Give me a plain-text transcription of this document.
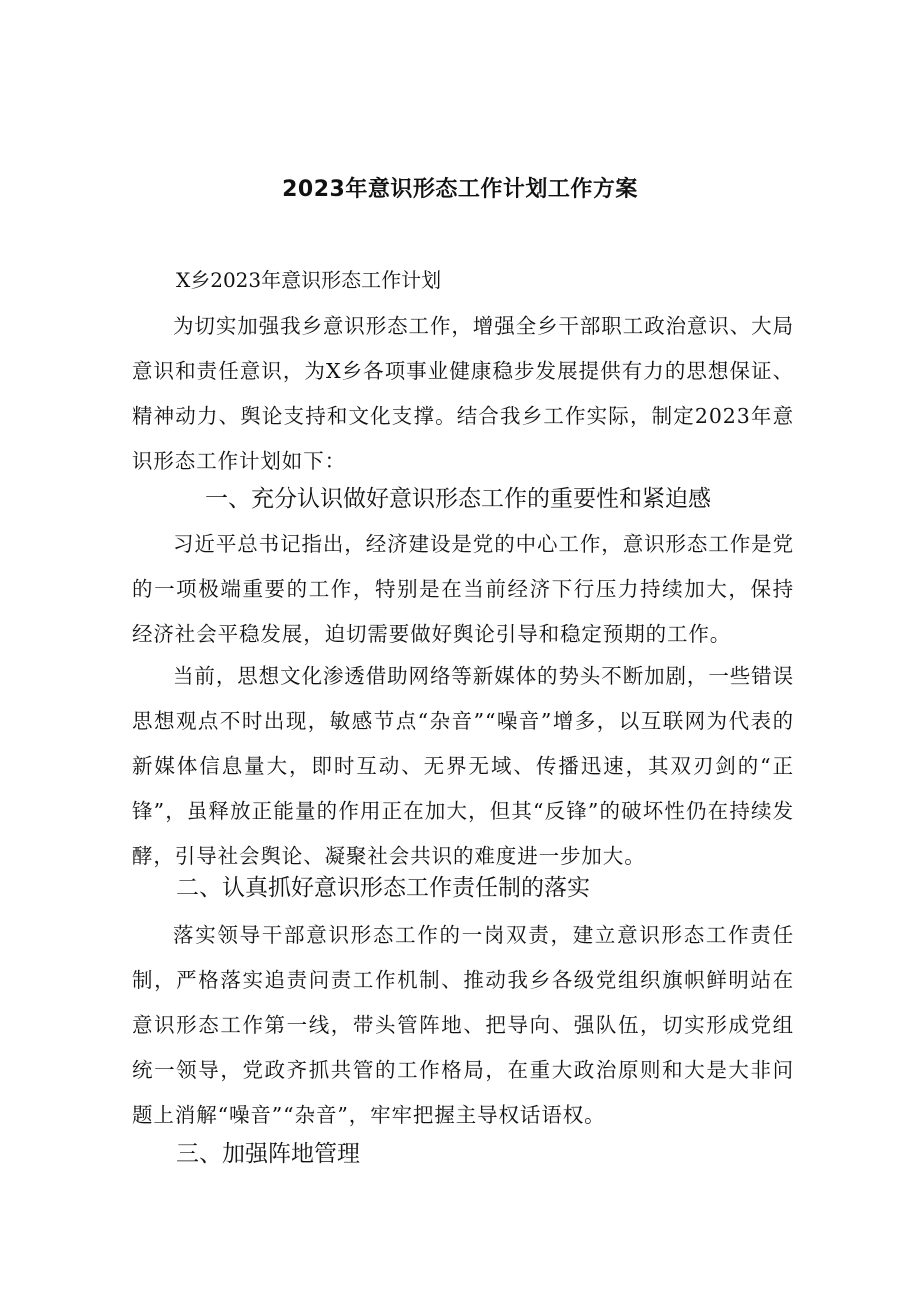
2023年意识形态工作计划工作方案
X乡2023年意识形态工作计划

为切实加强我乡意识形态工作，增强全乡干部职工政治意识、大局意识和责任意识，为X乡各项事业健康稳步发展提供有力的思想保证、精神动力、舆论支持和文化支撑。结合我乡工作实际，制定2023年意识形态工作计划如下：

一、充分认识做好意识形态工作的重要性和紧迫感

习近平总书记指出，经济建设是党的中心工作，意识形态工作是党的一项极端重要的工作，特别是在当前经济下行压力持续加大，保持经济社会平稳发展，迫切需要做好舆论引导和稳定预期的工作。

当前，思想文化渗透借助网络等新媒体的势头不断加剧，一些错误思想观点不时出现，敏感节点“杂音”“噪音”增多，以互联网为代表的新媒体信息量大，即时互动、无界无域、传播迅速，其双刃剑的“正锋”，虽释放正能量的作用正在加大，但其“反锋”的破坏性仍在持续发酵，引导社会舆论、凝聚社会共识的难度进一步加大。

二、认真抓好意识形态工作责任制的落实

落实领导干部意识形态工作的一岗双责，建立意识形态工作责任制，严格落实追责问责工作机制、推动我乡各级党组织旗帜鲜明站在意识形态工作第一线，带头管阵地、把导向、强队伍，切实形成党组统一领导，党政齐抓共管的工作格局，在重大政治原则和大是大非问题上消解“噪音”“杂音”，牢牢把握主导权话语权。

三、加强阵地管理
